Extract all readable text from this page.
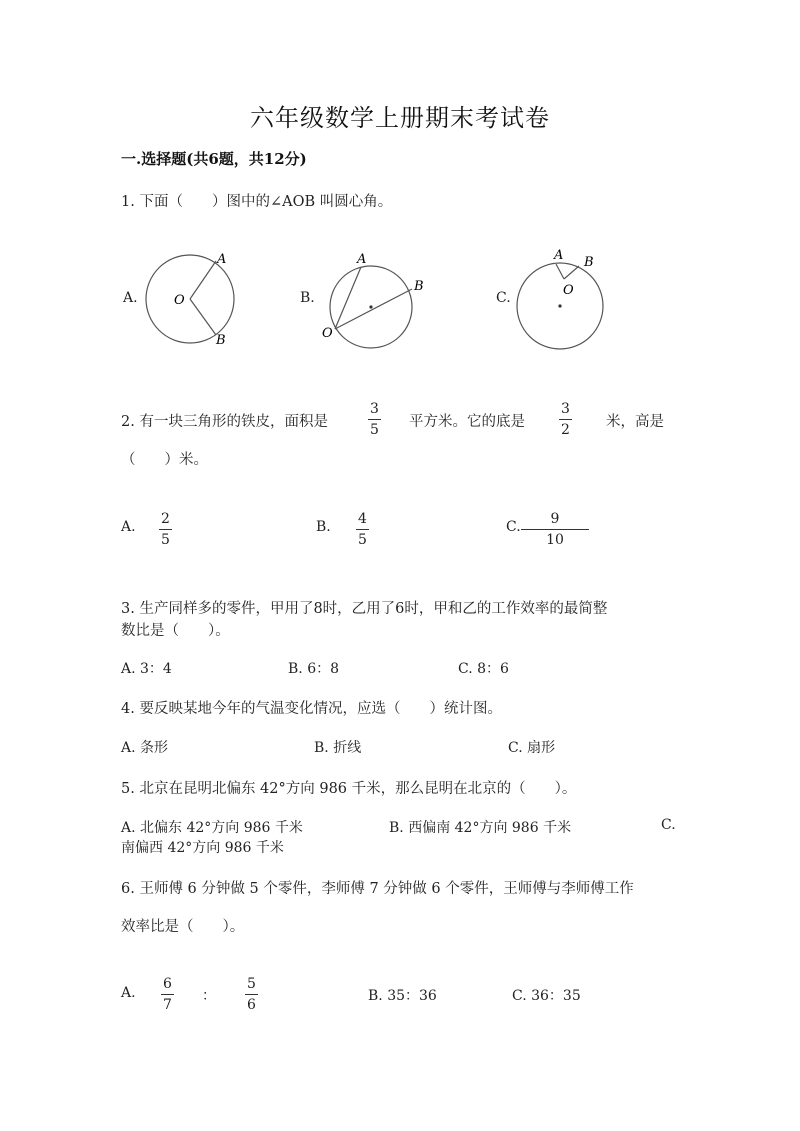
六年级数学上册期末考试卷
一.选择题(共6题，共12分)
1. 下面（　　）图中的∠AOB 叫圆心角。
A.
A
O
B
B.
A
O
B
C.
A
O
B
2. 有一块三角形的铁皮，面积是
3
5 平方米。它的底是
3
2 米，高是
（　　）米。
A. 2
5
B. 4
5
C. 9
10
3. 生产同样多的零件，甲用了8时，乙用了6时，甲和乙的工作效率的最简整
数比是（　　）。
A. 3：4	B. 6：8	C. 8：6
4. 要反映某地今年的气温变化情况，应选（　　）统计图。
A. 条形	B. 折线	C. 扇形
5. 北京在昆明北偏东 42°方向 986 千米，那么昆明在北京的（　　）。
A. 北偏东 42°方向 986 千米	B. 西偏南 42°方向 986 千米	C.
南偏西 42°方向 986 千米
6. 王师傅 6 分钟做 5 个零件，李师傅 7 分钟做 6 个零件，王师傅与李师傅工作
效率比是（　　）。
A.
6
7
：
5
6
B. 35：36	C. 36：35
